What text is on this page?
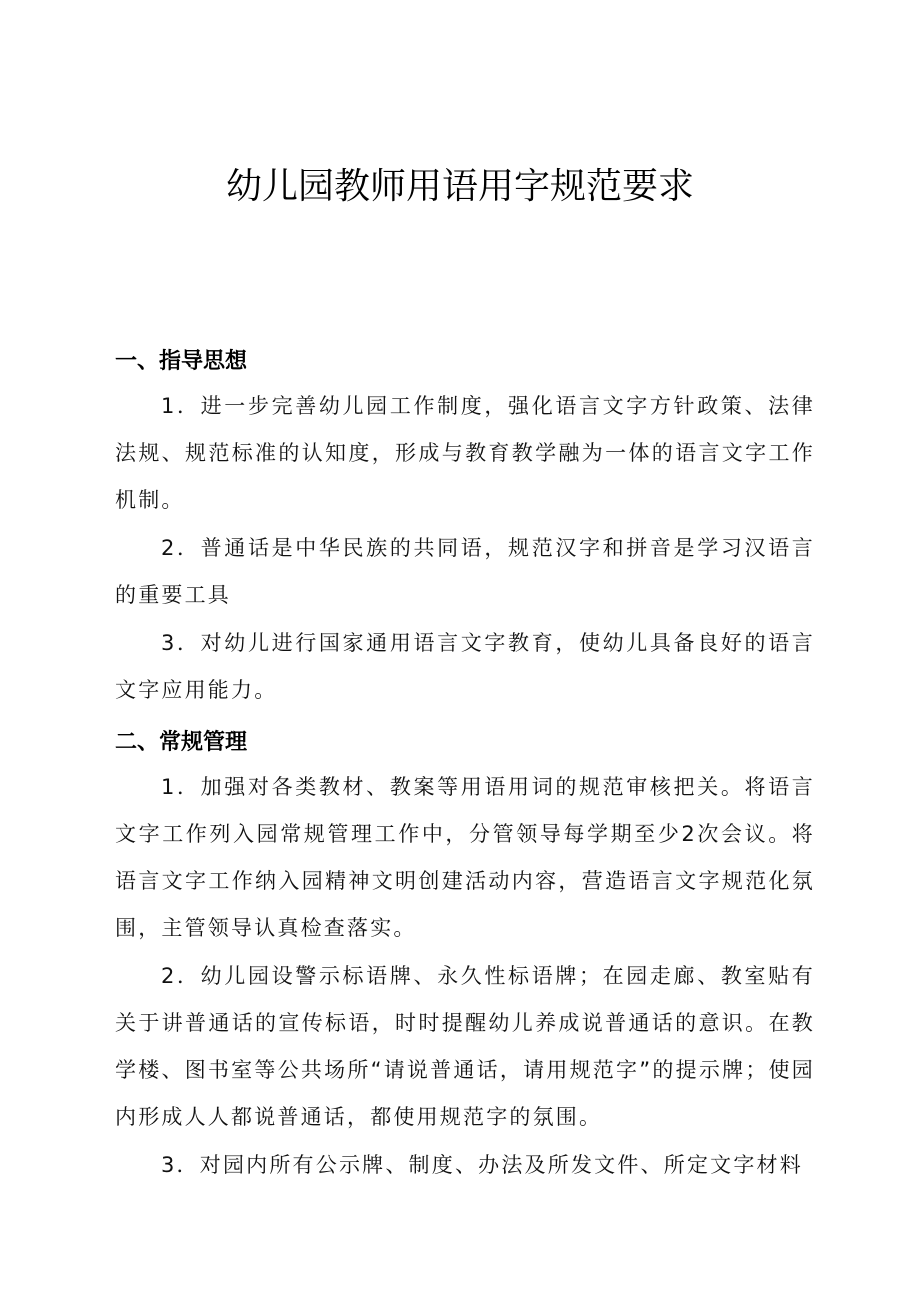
幼儿园教师用语用字规范要求
一、指导思想

1．进一步完善幼儿园工作制度，强化语言文字方针政策、法律法规、规范标准的认知度，形成与教育教学融为一体的语言文字工作机制。

2．普通话是中华民族的共同语，规范汉字和拼音是学习汉语言的重要工具

3．对幼儿进行国家通用语言文字教育，使幼儿具备良好的语言文字应用能力。

二、常规管理

1．加强对各类教材、教案等用语用词的规范审核把关。将语言文字工作列入园常规管理工作中，分管领导每学期至少2次会议。将语言文字工作纳入园精神文明创建活动内容，营造语言文字规范化氛围，主管领导认真检查落实。

2．幼儿园设警示标语牌、永久性标语牌；在园走廊、教室贴有关于讲普通话的宣传标语，时时提醒幼儿养成说普通话的意识。在教学楼、图书室等公共场所“请说普通话，请用规范字”的提示牌；使园内形成人人都说普通话，都使用规范字的氛围。

3．对园内所有公示牌、制度、办法及所发文件、所定文字材料
